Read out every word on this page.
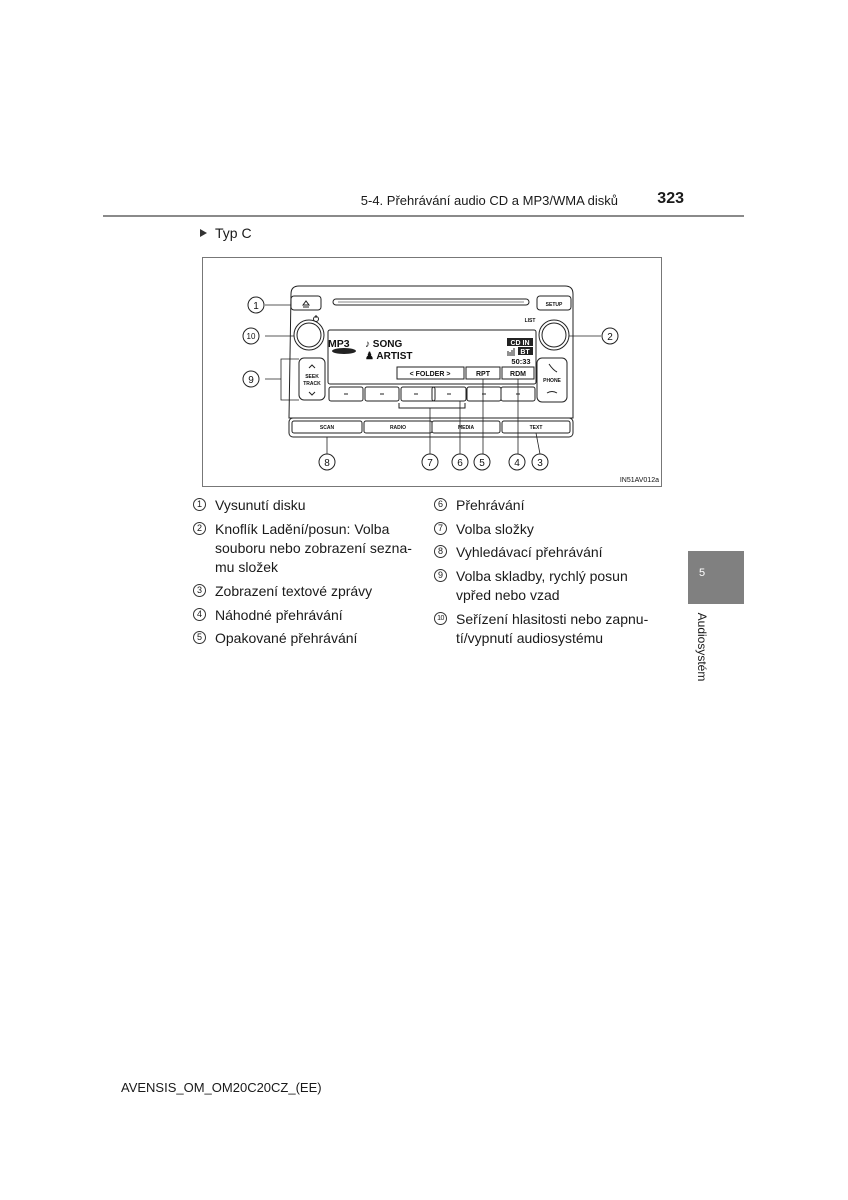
5-4. Přehrávání audio CD a MP3/WMA disků	323
Typ C
MP3 ♪ SONG
♟ ARTIST
CD IN
BT
50:33
< FOLDER >	RPT	RDM
SETUP
LIST
SEEK
TRACK	PHONE
SCAN	RADIO	MEDIA	TEXT
1
10
9
2
8	7 6 5	4 3
IN51AV012a
1 Vysunutí disku
2 Knoflík Ladění/posun: Volba
souboru nebo zobrazení sezna-
mu složek
3 Zobrazení textové zprávy
4 Náhodné přehrávání
5 Opakované přehrávání
6 Přehrávání
7 Volba složky
8 Vyhledávací přehrávání
9 Volba skladby, rychlý posun
vpřed nebo vzad
10 Seřízení hlasitosti nebo zapnu-
tí/vypnutí audiosystému
5
Audiosystém
AVENSIS_OM_OM20C20CZ_(EE)
